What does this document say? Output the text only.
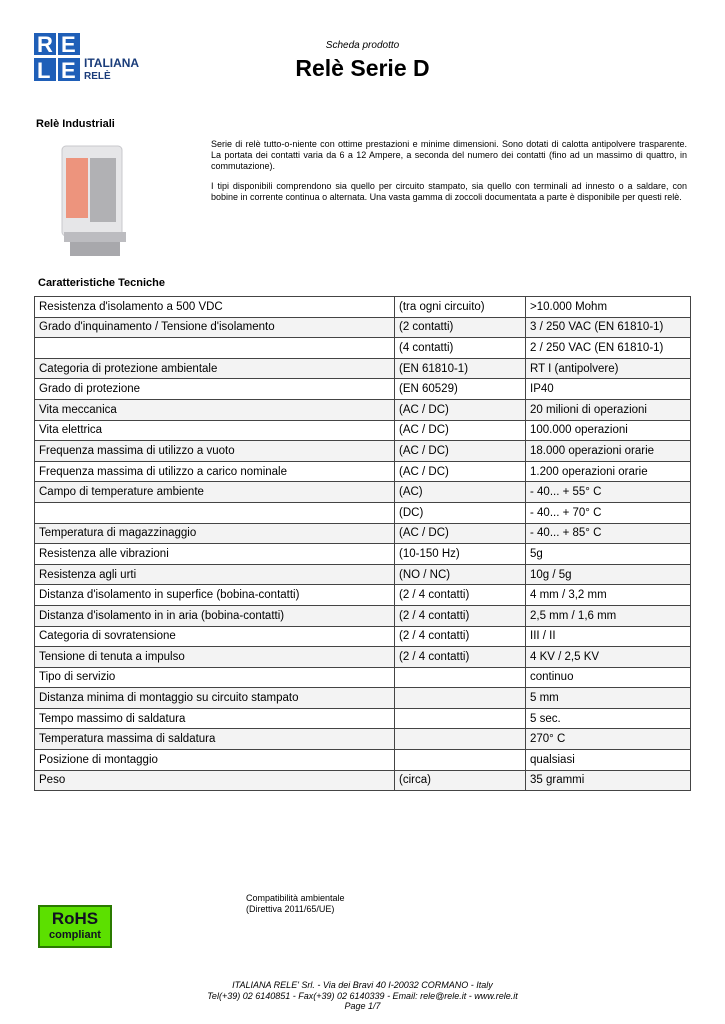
R E
L E ITALIANA
RELÈ
Scheda prodotto
Relè Serie D
Relè Industriali

Serie di relè tutto-o-niente con ottime prestazioni e minime dimensioni. Sono dotati di calotta antipolvere trasparente. La portata dei contatti varia da 6 a 12 Ampere, a seconda del numero dei contatti (fino ad un massimo di quattro, in commutazione).

I tipi disponibili comprendono sia quello per circuito stampato, sia quello con terminali ad innesto o a saldare, con bobine in corrente continua o alternata. Una vasta gamma di zoccoli documentata a parte è disponibile per questi relè.

Caratteristiche Tecniche
Resistenza d'isolamento a 500 VDC	(tra ogni circuito)	>10.000 Mohm
Grado d'inquinamento / Tensione d'isolamento	(2 contatti)	3 / 250 VAC (EN 61810-1)
	(4 contatti)	2 / 250 VAC (EN 61810-1)
Categoria di protezione ambientale	(EN 61810-1)	RT I (antipolvere)
Grado di protezione	(EN 60529)	IP40
Vita meccanica	(AC / DC)	20 milioni di operazioni
Vita elettrica	(AC / DC)	100.000 operazioni
Frequenza massima di utilizzo a vuoto	(AC / DC)	18.000 operazioni orarie
Frequenza massima di utilizzo a carico nominale	(AC / DC)	1.200 operazioni orarie
Campo di temperature ambiente	(AC)	- 40... + 55° C
	(DC)	- 40... + 70° C
Temperatura di magazzinaggio	(AC / DC)	- 40... + 85° C
Resistenza alle vibrazioni	(10-150 Hz)	5g
Resistenza agli urti	(NO / NC)	10g / 5g
Distanza d'isolamento in superfice (bobina-contatti)	(2 / 4 contatti)	4 mm / 3,2 mm
Distanza d'isolamento in in aria (bobina-contatti)	(2 / 4 contatti)	2,5 mm / 1,6 mm
Categoria di sovratensione	(2 / 4 contatti)	III / II
Tensione di tenuta a impulso	(2 / 4 contatti)	4 KV / 2,5 KV
Tipo di servizio		continuo
Distanza minima di montaggio su circuito stampato		5 mm
Tempo massimo di saldatura		5 sec.
Temperatura massima di saldatura		270° C
Posizione di montaggio		qualsiasi
Peso	(circa)	35 grammi
RoHS
compliant
Compatibilità ambientale
(Direttiva 2011/65/UE)
ITALIANA RELE' Srl. - Via dei Bravi 40 I-20032 CORMANO - Italy
Tel(+39) 02 6140851 - Fax(+39) 02 6140339 - Email: rele@rele.it - www.rele.it
Page 1/7
